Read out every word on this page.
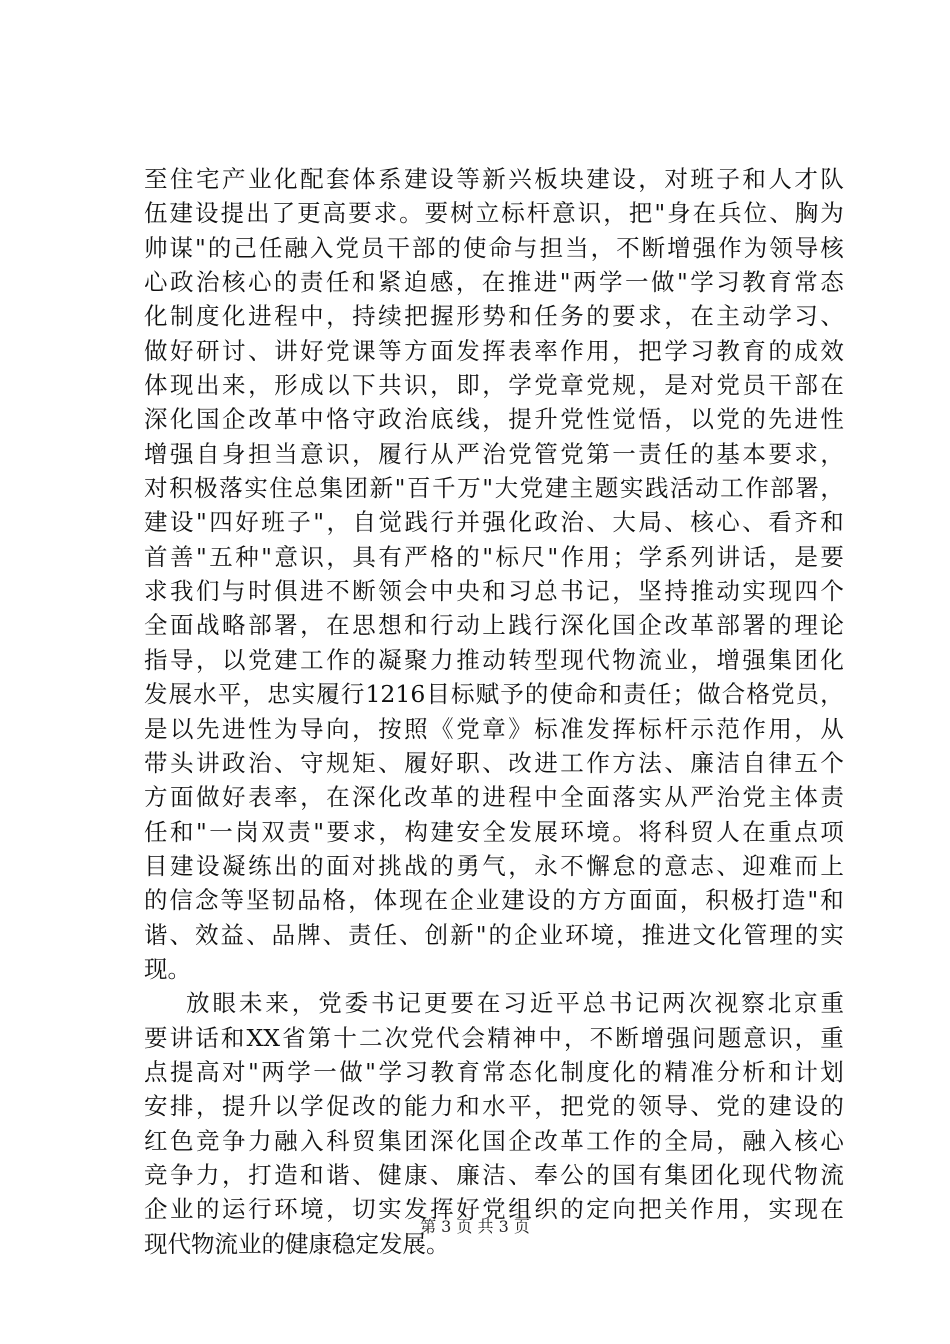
至 住 宅 产 业 化 配 套 体 系 建 设 等 新 兴 板 块 建 设 ， 对 班 子 和 人 才 队
伍 建 设 提 出 了 更 高 要 求 。 要 树 立 标 杆 意 识 ， 把 " 身 在 兵 位 、 胸 为
帅 谋 " 的 己 任 融 入 党 员 干 部 的 使 命 与 担 当 ， 不 断 增 强 作 为 领 导 核
心 政 治 核 心 的 责 任 和 紧 迫 感 ， 在 推 进 " 两 学 一 做 " 学 习 教 育 常 态
化 制 度 化 进 程 中 ， 持 续 把 握 形 势 和 任 务 的 要 求 ， 在 主 动 学 习 、
做 好 研 讨 、 讲 好 党 课 等 方 面 发 挥 表 率 作 用 ， 把 学 习 教 育 的 成 效
体 现 出 来 ， 形 成 以 下 共 识 ， 即 ， 学 党 章 党 规 ， 是 对 党 员 干 部 在
深 化 国 企 改 革 中 恪 守 政 治 底 线 ， 提 升 党 性 觉 悟 ， 以 党 的 先 进 性
增 强 自 身 担 当 意 识 ， 履 行 从 严 治 党 管 党 第 一 责 任 的 基 本 要 求 ，
对 积 极 落 实 住 总 集 团 新 " 百 千 万 " 大 党 建 主 题 实 践 活 动 工 作 部 署 ，
建 设 " 四 好 班 子 " ， 自 觉 践 行 并 强 化 政 治 、 大 局 、 核 心 、 看 齐 和
首 善 " 五 种 " 意 识 ， 具 有 严 格 的 " 标 尺 " 作 用 ； 学 系 列 讲 话 ， 是 要
求 我 们 与 时 俱 进 不 断 领 会 中 央 和 习 总 书 记 ， 坚 持 推 动 实 现 四 个
全 面 战 略 部 署 ， 在 思 想 和 行 动 上 践 行 深 化 国 企 改 革 部 署 的 理 论
指 导 ， 以 党 建 工 作 的 凝 聚 力 推 动 转 型 现 代 物 流 业 ， 增 强 集 团 化
发 展 水 平 ， 忠 实 履 行 1216 目 标 赋 予 的 使 命 和 责 任 ； 做 合 格 党 员 ，
是 以 先 进 性 为 导 向 ， 按 照 《 党 章 》 标 准 发 挥 标 杆 示 范 作 用 ， 从
带 头 讲 政 治 、 守 规 矩 、 履 好 职 、 改 进 工 作 方 法 、 廉 洁 自 律 五 个
方 面 做 好 表 率 ， 在 深 化 改 革 的 进 程 中 全 面 落 实 从 严 治 党 主 体 责
任 和 " 一 岗 双 责 " 要 求 ， 构 建 安 全 发 展 环 境 。 将 科 贸 人 在 重 点 项
目 建 设 凝 练 出 的 面 对 挑 战 的 勇 气 ， 永 不 懈 怠 的 意 志 、 迎 难 而 上
的 信 念 等 坚 韧 品 格 ， 体 现 在 企 业 建 设 的 方 方 面 面 ， 积 极 打 造 " 和
谐 、 效 益 、 品 牌 、 责 任 、 创 新 " 的 企 业 环 境 ， 推 进 文 化 管 理 的 实
现。
放 眼 未 来 ， 党 委 书 记 更 要 在 习 近 平 总 书 记 两 次 视 察 北 京 重
要 讲 话 和 XX 省 第 十 二 次 党 代 会 精 神 中 ， 不 断 增 强 问 题 意 识 ， 重
点 提 高 对 " 两 学 一 做 " 学 习 教 育 常 态 化 制 度 化 的 精 准 分 析 和 计 划
安 排 ， 提 升 以 学 促 改 的 能 力 和 水 平 ， 把 党 的 领 导 、 党 的 建 设 的
红 色 竞 争 力 融 入 科 贸 集 团 深 化 国 企 改 革 工 作 的 全 局 ， 融 入 核 心
竞 争 力 ， 打 造 和 谐 、 健 康 、 廉 洁 、 奉 公 的 国 有 集 团 化 现 代 物 流
企 业 的 运 行 环 境 ， 切 实 发 挥 好 党 组 织 的 定 向 把 关 作 用 ， 实 现 在
现代物流业的健康稳定发展。
第 3 页 共 3 页
